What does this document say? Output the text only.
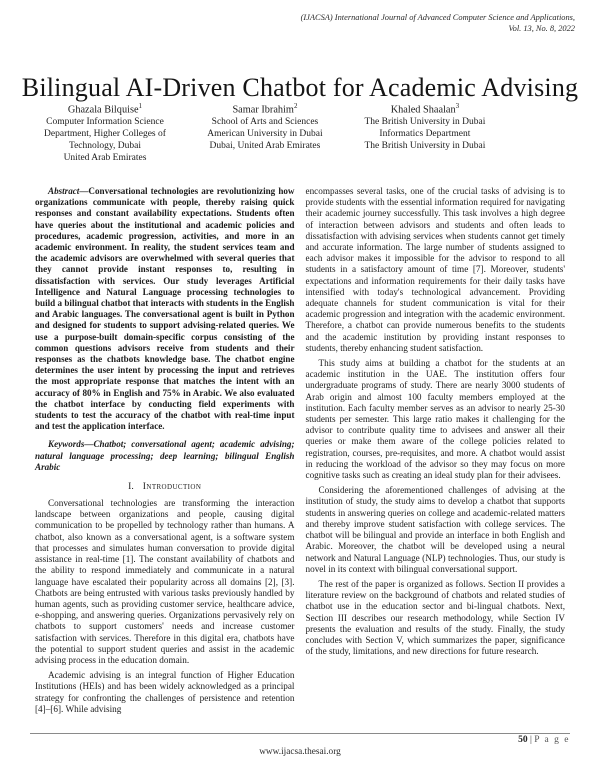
(IJACSA) International Journal of Advanced Computer Science and Applications,
Vol. 13, No. 8, 2022
Bilingual AI-Driven Chatbot for Academic Advising
Ghazala Bilquise$^1$
Computer Information Science
Department, Higher Colleges of
Technology, Dubai
United Arab Emirates
Samar Ibrahim$^2$
School of Arts and Sciences
American University in Dubai
Dubai, United Arab Emirates
Khaled Shaalan$^3$
The British University in Dubai
Informatics Department
The British University in Dubai

Abstract—Conversational technologies are revolutionizing how organizations communicate with people, thereby raising quick responses and constant availability expectations. Students often have queries about the institutional and academic policies and procedures, academic progression, activities, and more in an academic environment. In reality, the student services team and the academic advisors are overwhelmed with several queries that they cannot provide instant responses to, resulting in dissatisfaction with services. Our study leverages Artificial Intelligence and Natural Language processing technologies to build a bilingual chatbot that interacts with students in the English and Arabic languages. The conversational agent is built in Python and designed for students to support advising-related queries. We use a purpose-built domain-specific corpus consisting of the common questions advisors receive from students and their responses as the chatbots knowledge base. The chatbot engine determines the user intent by processing the input and retrieves the most appropriate response that matches the intent with an accuracy of 80% in English and 75% in Arabic. We also evaluated the chatbot interface by conducting field experiments with students to test the accuracy of the chatbot with real-time input and test the application interface.

Keywords—Chatbot; conversational agent; academic advising; natural language processing; deep learning; bilingual English Arabic

I. Introduction

Conversational technologies are transforming the interaction landscape between organizations and people, causing digital communication to be propelled by technology rather than humans. A chatbot, also known as a conversational agent, is a software system that processes and simulates human conversation to provide digital assistance in real-time [1]. The constant availability of chatbots and the ability to respond immediately and communicate in a natural language have escalated their popularity across all domains [2], [3]. Chatbots are being entrusted with various tasks previously handled by human agents, such as providing customer service, healthcare advice, e-shopping, and answering queries. Organizations pervasively rely on chatbots to support customers' needs and increase customer satisfaction with services. Therefore in this digital era, chatbots have the potential to support student queries and assist in the academic advising process in the education domain.

Academic advising is an integral function of Higher Education Institutions (HEIs) and has been widely acknowledged as a principal strategy for confronting the challenges of persistence and retention [4]–[6]. While advising

encompasses several tasks, one of the crucial tasks of advising is to provide students with the essential information required for navigating their academic journey successfully. This task involves a high degree of interaction between advisors and students and often leads to dissatisfaction with advising services when students cannot get timely and accurate information. The large number of students assigned to each advisor makes it impossible for the advisor to respond to all students in a satisfactory amount of time [7]. Moreover, students' expectations and information requirements for their daily tasks have intensified with today's technological advancement. Providing adequate channels for student communication is vital for their academic progression and integration with the academic environment. Therefore, a chatbot can provide numerous benefits to the students and the academic institution by providing instant responses to students, thereby enhancing student satisfaction.

This study aims at building a chatbot for the students at an academic institution in the UAE. The institution offers four undergraduate programs of study. There are nearly 3000 students of Arab origin and almost 100 faculty members employed at the institution. Each faculty member serves as an advisor to nearly 25-30 students per semester. This large ratio makes it challenging for the advisor to contribute quality time to advisees and answer all their queries or make them aware of the college policies related to registration, courses, pre-requisites, and more. A chatbot would assist in reducing the workload of the advisor so they may focus on more cognitive tasks such as creating an ideal study plan for their advisees.

Considering the aforementioned challenges of advising at the institution of study, the study aims to develop a chatbot that supports students in answering queries on college and academic-related matters and thereby improve student satisfaction with college services. The chatbot will be bilingual and provide an interface in both English and Arabic. Moreover, the chatbot will be developed using a neural network and Natural Language (NLP) technologies. Thus, our study is novel in its context with bilingual conversational support.

The rest of the paper is organized as follows. Section II provides a literature review on the background of chatbots and related studies of chatbot use in the education sector and bi-lingual chatbots. Next, Section III describes our research methodology, while Section IV presents the evaluation and results of the study. Finally, the study concludes with Section V, which summarizes the paper, significance of the study, limitations, and new directions for future research.

50 | P a g e
www.ijacsa.thesai.org
